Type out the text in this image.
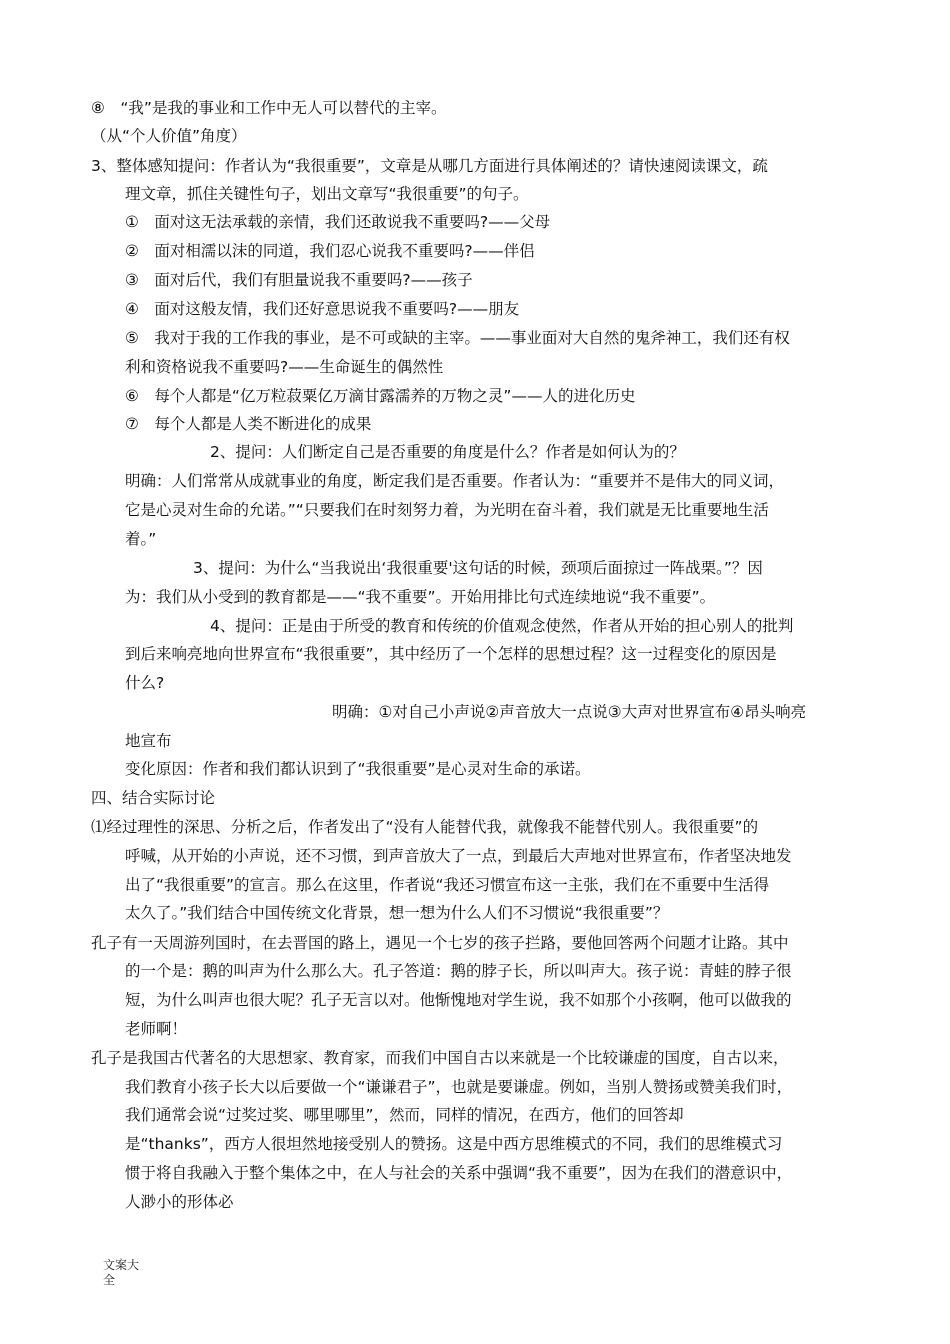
⑧　“我”是我的事业和工作中无人可以替代的主宰。
（从“个人价值”角度）
3、整体感知提问：作者认为“我很重要”，文章是从哪几方面进行具体阐述的？请快速阅读课文，疏
理文章，抓住关键性句子，划出文章写“我很重要”的句子。
①　面对这无法承载的亲情，我们还敢说我不重要吗?——父母
②　面对相濡以沫的同道，我们忍心说我不重要吗?——伴侣
③　面对后代，我们有胆量说我不重要吗?——孩子
④　面对这般友情，我们还好意思说我不重要吗?——朋友
⑤　我对于我的工作我的事业，是不可或缺的主宰。——事业面对大自然的鬼斧神工，我们还有权
利和资格说我不重要吗?——生命诞生的偶然性
⑥　每个人都是“亿万粒菽粟亿万滴甘露濡养的万物之灵”——人的进化历史
⑦　每个人都是人类不断进化的成果
2、提问：人们断定自己是否重要的角度是什么？作者是如何认为的？
明确：人们常常从成就事业的角度，断定我们是否重要。作者认为：“重要并不是伟大的同义词，
它是心灵对生命的允诺。”“只要我们在时刻努力着，为光明在奋斗着，我们就是无比重要地生活
着。”
3、提问：为什么“当我说出‘我很重要'这句话的时候，颈项后面掠过一阵战栗。”？因
为：我们从小受到的教育都是——“我不重要”。开始用排比句式连续地说“我不重要”。
4、提问：正是由于所受的教育和传统的价值观念使然，作者从开始的担心别人的批判
到后来响亮地向世界宣布“我很重要”，其中经历了一个怎样的思想过程？这一过程变化的原因是
什么?
明确：①对自己小声说②声音放大一点说③大声对世界宣布④昂头响亮
地宣布
变化原因：作者和我们都认识到了“我很重要”是心灵对生命的承诺。
四、结合实际讨论
⑴经过理性的深思、分析之后，作者发出了“没有人能替代我，就像我不能替代别人。我很重要”的
呼喊，从开始的小声说，还不习惯，到声音放大了一点，到最后大声地对世界宣布，作者坚决地发
出了“我很重要”的宣言。那么在这里，作者说“我还习惯宣布这一主张，我们在不重要中生活得
太久了。”我们结合中国传统文化背景，想一想为什么人们不习惯说“我很重要”？
孔子有一天周游列国时，在去晋国的路上，遇见一个七岁的孩子拦路，要他回答两个问题才让路。其中
的一个是：鹅的叫声为什么那么大。孔子答道：鹅的脖子长，所以叫声大。孩子说：青蛙的脖子很
短，为什么叫声也很大呢？孔子无言以对。他惭愧地对学生说，我不如那个小孩啊，他可以做我的
老师啊！
孔子是我国古代著名的大思想家、教育家，而我们中国自古以来就是一个比较谦虚的国度，自古以来，
我们教育小孩子长大以后要做一个“谦谦君子”，也就是要谦虚。例如，当别人赞扬或赞美我们时，
我们通常会说“过奖过奖、哪里哪里”，然而，同样的情况，在西方，他们的回答却
是“thanks”，西方人很坦然地接受别人的赞扬。这是中西方思维模式的不同，我们的思维模式习
惯于将自我融入于整个集体之中，在人与社会的关系中强调“我不重要”，因为在我们的潜意识中，
人渺小的形体必
文案大
全
